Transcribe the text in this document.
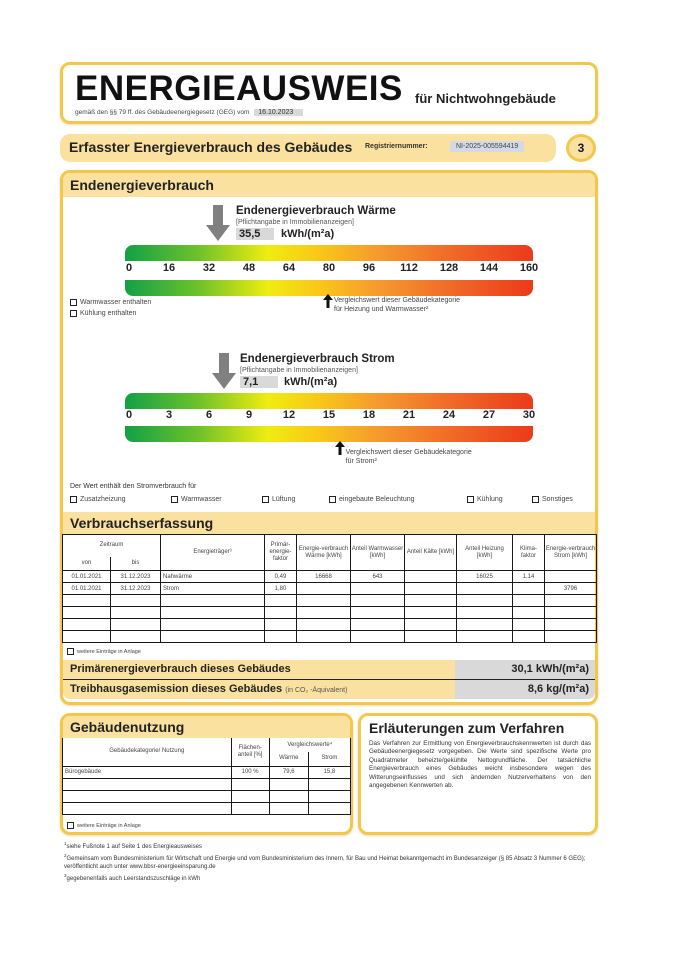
ENERGIEAUSWEIS für Nichtwohngebäude
gemäß den §§ 79 ff. des Gebäudeenergiegesetz (GEG) vom 16.10.2023
Erfasster Energieverbrauch des Gebäudes Registriernummer:	NI-2025-005594419	3
Endenergieverbrauch
Endenergieverbrauch Wärme
[Pflichtangabe in Immobilienanzeigen]
35,5	kWh/(m²a)
0	16	32	48	64	80	96 112 128 144 160
Vergleichswert dieser Gebäudekategorie
für Heizung und Warmwasser²
Warmwasser enthalten
Kühlung enthalten
Endenergieverbrauch Strom
[Pflichtangabe in Immobilienanzeigen]
7,1	kWh/(m²a)
0	3	6	9	12	15	18	21	24	27	30
Vergleichswert dieser Gebäudekategorie
für Strom²
Der Wert enthält den Stromverbrauch für
Zusatzheizung	Warmwasser	Lüftung	eingebaute Beleuchtung	Kühlung	Sonstiges
Verbrauchserfassung
Zeitraum		Energieträger³	Primär-energie-faktor	Energie-verbrauch Wärme [kWh]	Anteil Warmwasser [kWh]	Anteil Kälte [kWh]	Anteil Heizung [kWh]	Klima-faktor	Energie-verbrauch Strom [kWh]
von	bis								
01.01.2021	31.12.2023	Nahwärme	0,49	16668	643		16025	1,14	
01.01.2021	31.12.2023	Strom	1,80						3796

weitere Einträge in Anlage
Primärenergieverbrauch dieses Gebäudes	30,1 kWh/(m²a)
Treibhausgasemission dieses Gebäudes (in CO₂ -Äquivalent)	8,6 kg/(m²a)
Gebäudenutzung
Gebäudekategorie/ Nutzung	Flächen-anteil [%]	Vergleichswerte⁴	
		Wärme	Strom
Bürogebäude	100 %	79,6	15,8

weitere Einträge in Anlage
Erläuterungen zum Verfahren
Das Verfahren zur Ermittlung von Energieverbrauchskennwerten ist durch das Gebäudeenergiegesetz vorgegeben. Die Werte sind spezifische Werte pro Quadratmeter beheizte/gekühlte Nettogrundfläche. Der tatsächliche Energieverbrauch eines Gebäudes weicht insbesondere wegen des Witterungseinflusses und sich ändernden Nutzerverhaltens von den angegebenen Kennwerten ab.
$^1$siehe Fußnote 1 auf Seite 1 des Energieausweises
$^2$Gemeinsam vom Bundesministerium für Wirtschaft und Energie und vom Bundesministerium des Innern, für Bau und Heimat bekanntgemacht im Bundesanzeiger (§ 85 Absatz 3 Nummer 6 GEG); veröffentlicht auch unter www.bbsr-energieeinsparung.de
$^3$gegebenenfalls auch Leerstandszuschläge in kWh
